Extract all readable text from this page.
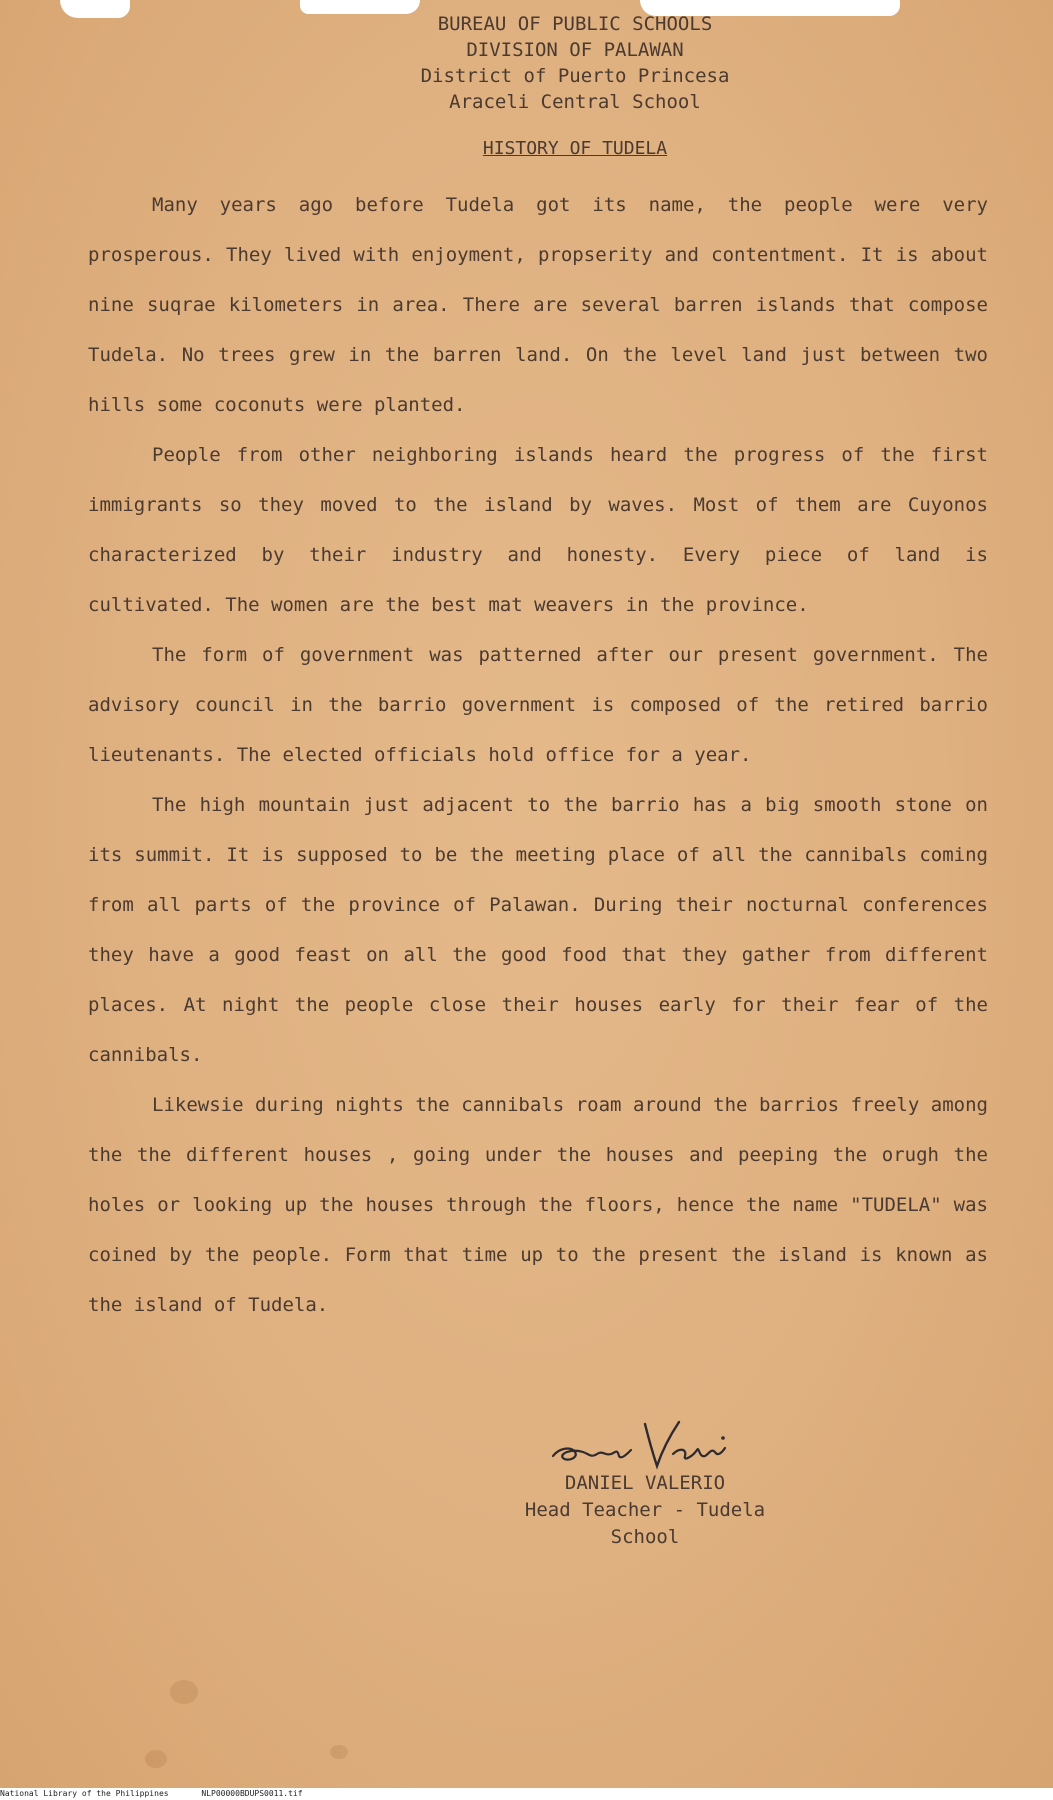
BUREAU OF PUBLIC SCHOOLS

DIVISION OF PALAWAN

District of Puerto Princesa

Araceli Central School

HISTORY OF TUDELA

Many years ago before Tudela got its name, the people were very prosperous. They lived with enjoyment, propserity and contentment. It is about nine suqrae kilometers in area. There are several barren islands that compose Tudela. No trees grew in the barren land. On the level land just between two hills some coconuts were planted.

People from other neighboring islands heard the progress of the first immigrants so they moved to the island by waves. Most of them are Cuyonos characterized by their industry and honesty. Every piece of land is cultivated. The women are the best mat weavers in the province.

The form of government was patterned after our present government. The advisory council in the barrio government is composed of the retired barrio lieutenants. The elected officials hold office for a year.

The high mountain just adjacent to the barrio has a big smooth stone on its summit. It is supposed to be the meeting place of all the cannibals coming from all parts of the province of Palawan. During their nocturnal conferences they have a good feast on all the good food that they gather from different places. At night the people close their houses early for their fear of the cannibals.

Likewsie during nights the cannibals roam around the barrios freely among the the different houses , going under the houses and peeping the orugh the holes or looking up the houses through the floors, hence the name "TUDELA" was coined by the people. Form that time up to the present the island is known as the island of Tudela.

DANIEL VALERIO

Head Teacher - Tudela

School

National Library of the Philippines	NLP00000BDUPS0011.tif
